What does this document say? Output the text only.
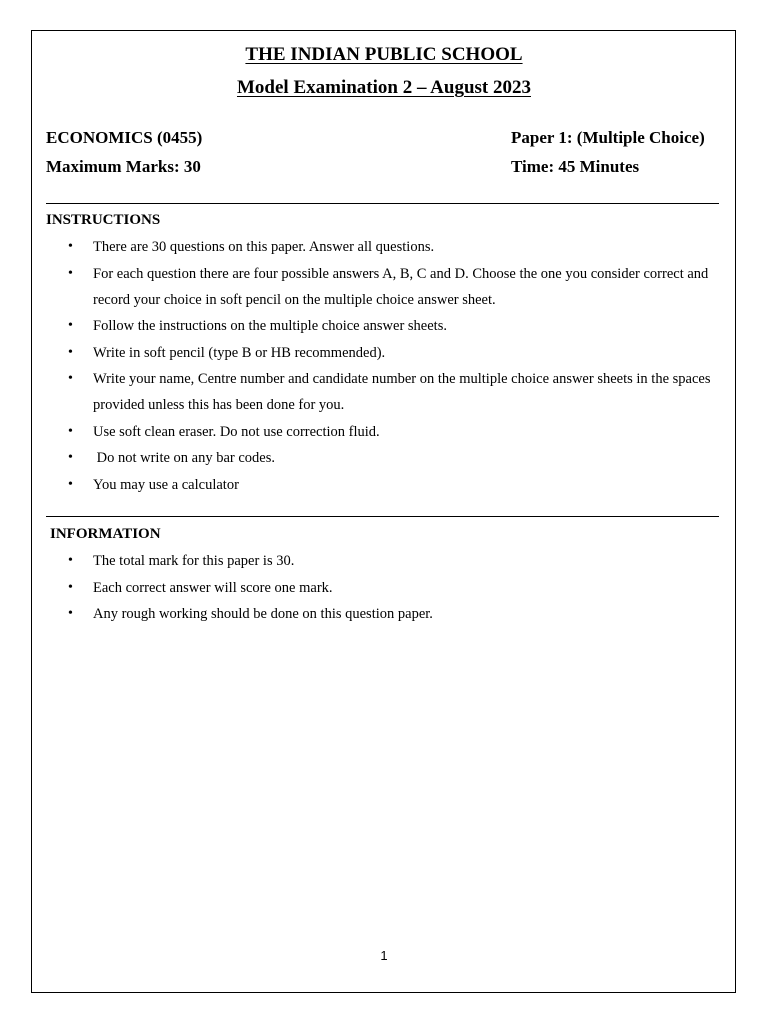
THE INDIAN PUBLIC SCHOOL
Model Examination 2 – August 2023
ECONOMICS (0455)	Paper 1: (Multiple Choice)
Maximum Marks: 30	Time: 45 Minutes
INSTRUCTIONS
• There are 30 questions on this paper. Answer all questions.
• For each question there are four possible answers A, B, C and D. Choose the one you consider correct and record your choice in soft pencil on the multiple choice answer sheet.
• Follow the instructions on the multiple choice answer sheets.
• Write in soft pencil (type B or HB recommended).
• Write your name, Centre number and candidate number on the multiple choice answer sheets in the spaces provided unless this has been done for you.
• Use soft clean eraser. Do not use correction fluid.
• Do not write on any bar codes.
• You may use a calculator
INFORMATION
• The total mark for this paper is 30.
• Each correct answer will score one mark.
• Any rough working should be done on this question paper.
1
